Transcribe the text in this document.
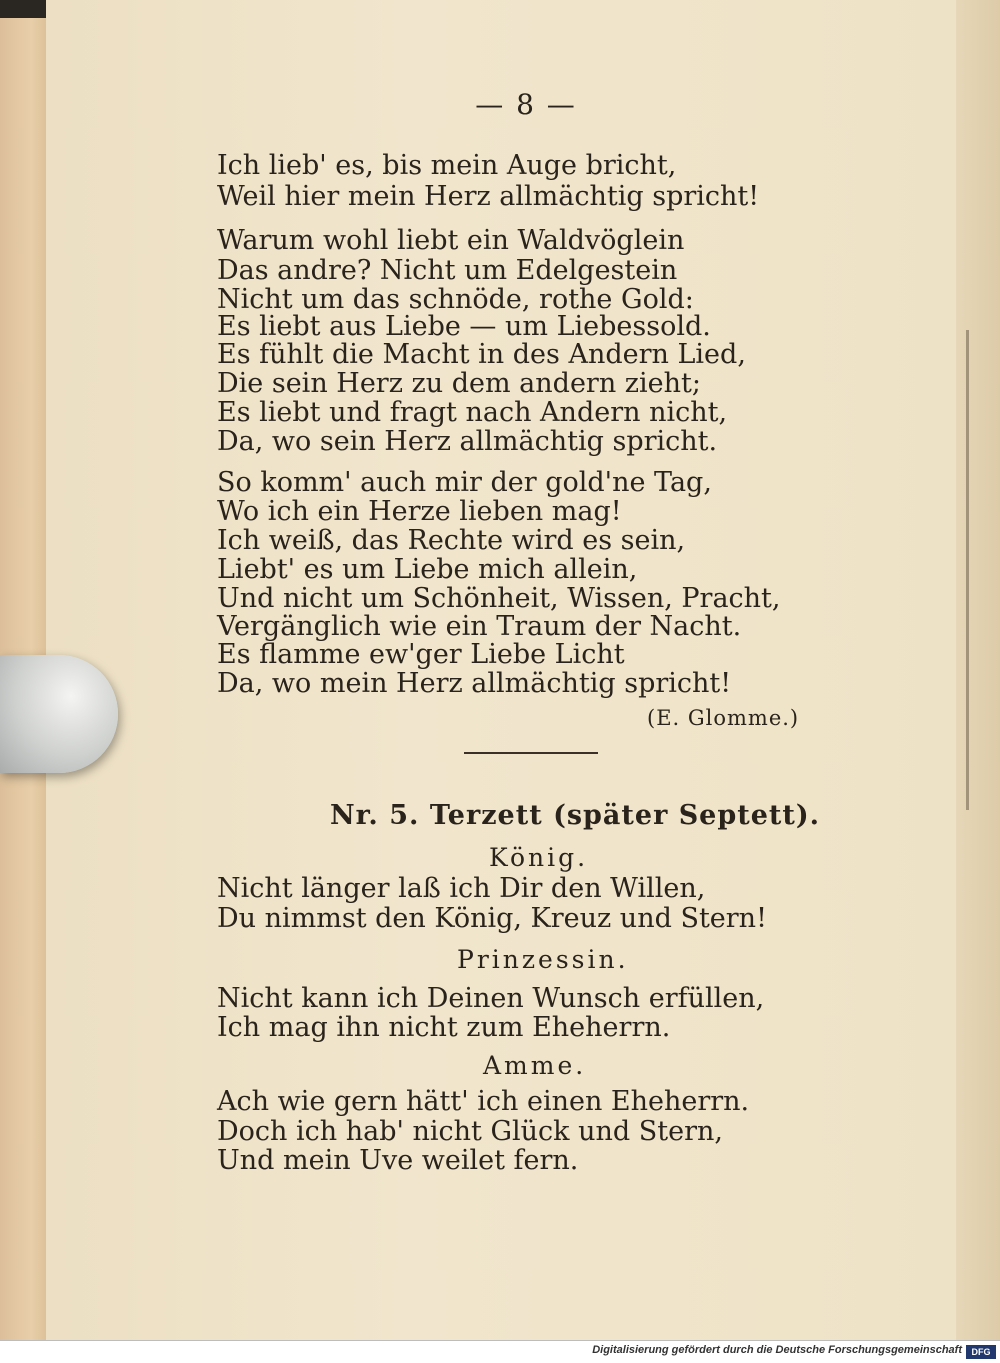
— 8 —
Ich lieb' es, bis mein Auge bricht,
Weil hier mein Herz allmächtig spricht!
Warum wohl liebt ein Waldvöglein
Das andre? Nicht um Edelgestein
Nicht um das schnöde, rothe Gold:
Es liebt aus Liebe — um Liebessold.
Es fühlt die Macht in des Andern Lied,
Die sein Herz zu dem andern zieht;
Es liebt und fragt nach Andern nicht,
Da, wo sein Herz allmächtig spricht.
So komm' auch mir der gold'ne Tag,
Wo ich ein Herze lieben mag!
Ich weiß, das Rechte wird es sein,
Liebt' es um Liebe mich allein,
Und nicht um Schönheit, Wissen, Pracht,
Vergänglich wie ein Traum der Nacht.
Es flamme ew'ger Liebe Licht
Da, wo mein Herz allmächtig spricht!
(E. Glomme.)
Nr. 5. Terzett (später Septett).
König.
Nicht länger laß ich Dir den Willen,
Du nimmst den König, Kreuz und Stern!
Prinzessin.
Nicht kann ich Deinen Wunsch erfüllen,
Ich mag ihn nicht zum Eheherrn.
Amme.
Ach wie gern hätt' ich einen Eheherrn.
Doch ich hab' nicht Glück und Stern,
Und mein Uve weilet fern.
Digitalisierung gefördert durch die Deutsche Forschungsgemeinschaft	DFG
